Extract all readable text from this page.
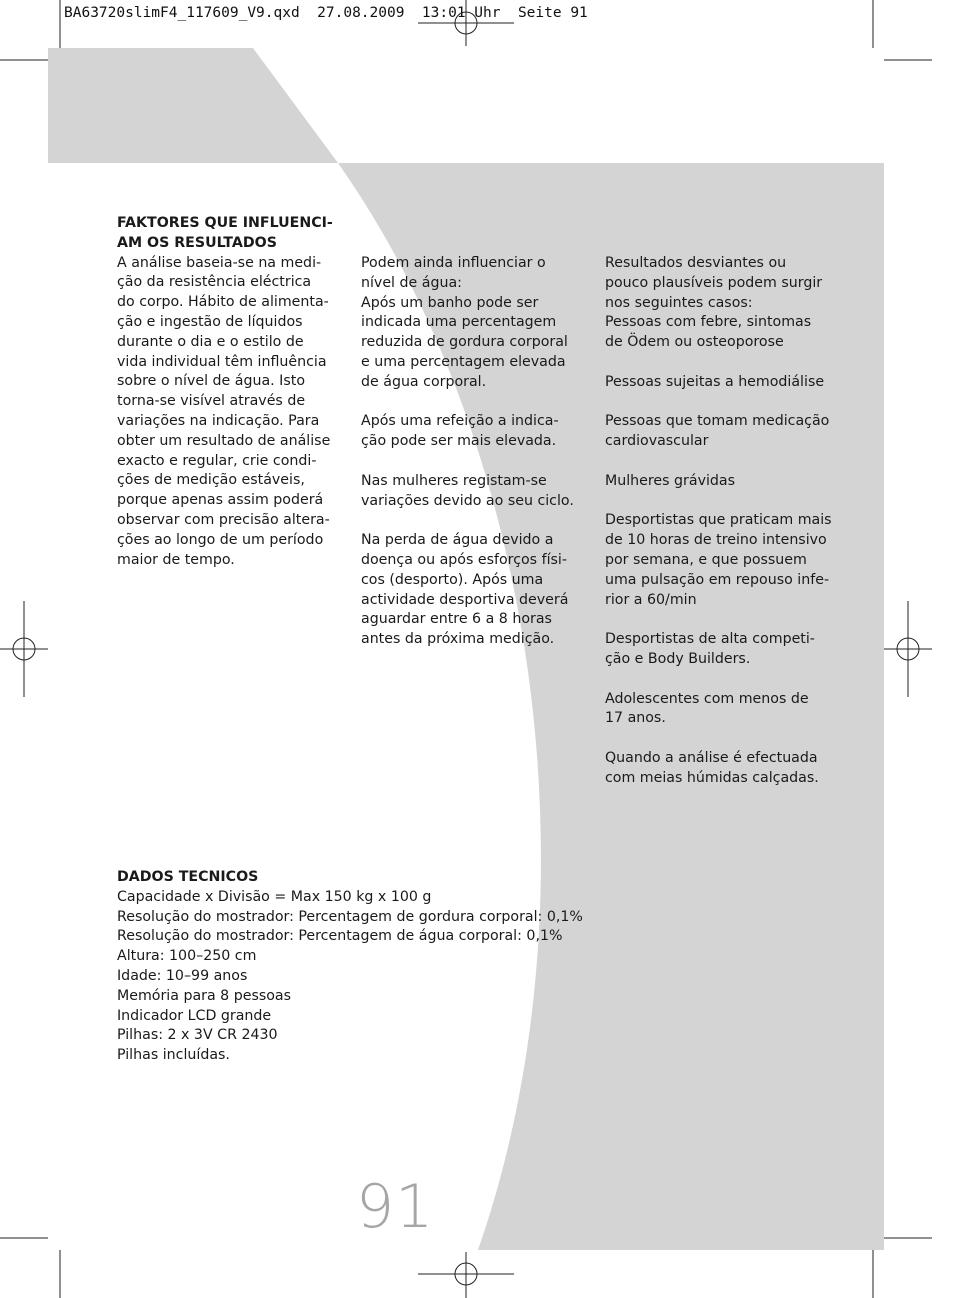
BA63720slimF4_117609_V9.qxd  27.08.2009  13:01 Uhr  Seite 91
FAKTORES QUE INFLUENCI-
AM OS RESULTADOS
A análise baseia-se na medi-
ção da resistência eléctrica
do corpo. Hábito de alimenta-
ção e ingestão de líquidos
durante o dia e o estilo de
vida individual têm influência
sobre o nível de água. Isto
torna-se visível através de
variações na indicação. Para
obter um resultado de análise
exacto e regular, crie condi-
ções de medição estáveis,
porque apenas assim poderá
observar com precisão altera-
ções ao longo de um período
maior de tempo.

Podem ainda influenciar o
nível de água:
Após um banho pode ser
indicada uma percentagem
reduzida de gordura corporal
e uma percentagem elevada
de água corporal.

Após uma refeição a indica-
ção pode ser mais elevada.

Nas mulheres registam-se
variações devido ao seu ciclo.

Na perda de água devido a
doença ou após esforços físi-
cos (desporto). Após uma
actividade desportiva deverá
aguardar entre 6 a 8 horas
antes da próxima medição.

Resultados desviantes ou
pouco plausíveis podem surgir
nos seguintes casos:
Pessoas com febre, sintomas
de Ödem ou osteoporose

Pessoas sujeitas a hemodiálise

Pessoas que tomam medicação
cardiovascular

Mulheres grávidas

Desportistas que praticam mais
de 10 horas de treino intensivo
por semana, e que possuem
uma pulsação em repouso infe-
rior a 60/min

Desportistas de alta competi-
ção e Body Builders.

Adolescentes com menos de
17 anos.

Quando a análise é efectuada
com meias húmidas calçadas.

DADOS TECNICOS
Capacidade x Divisão = Max 150 kg x 100 g
Resolução do mostrador: Percentagem de gordura corporal: 0,1%
Resolução do mostrador: Percentagem de água corporal: 0,1%
Altura: 100–250 cm
Idade: 10–99 anos
Memória para 8 pessoas
Indicador LCD grande
Pilhas: 2 x 3V CR 2430
Pilhas incluídas.
91
